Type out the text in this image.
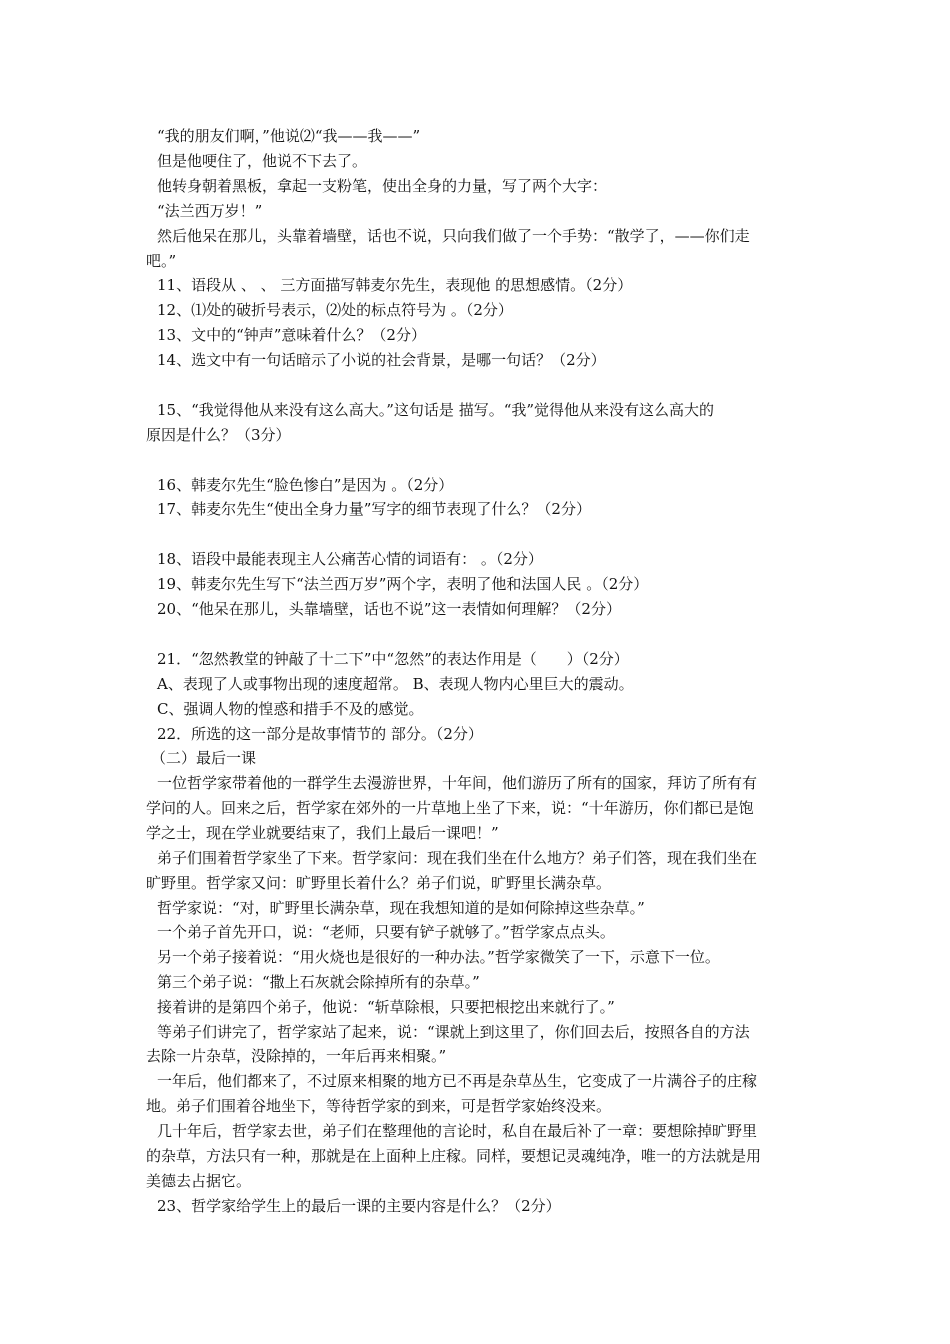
“我的朋友们啊，”他说⑵“我——我——”
但是他哽住了，他说不下去了。
他转身朝着黑板，拿起一支粉笔，使出全身的力量，写了两个大字：
“法兰西万岁！”
然后他呆在那儿，头靠着墙壁，话也不说，只向我们做了一个手势：“散学了，——你们走
吧。”
11、语段从 、 、 三方面描写韩麦尔先生，表现他 的思想感情。（2分）
12、⑴处的破折号表示，⑵处的标点符号为 。（2分）
13、文中的“钟声”意味着什么？（2分）
14、选文中有一句话暗示了小说的社会背景，是哪一句话？（2分）
15、“我觉得他从来没有这么高大。”这句话是 描写。“我”觉得他从来没有这么高大的
原因是什么？（3分）
16、韩麦尔先生“脸色惨白”是因为 。（2分）
17、韩麦尔先生“使出全身力量”写字的细节表现了什么？（2分）
18、语段中最能表现主人公痛苦心情的词语有： 。（2分）
19、韩麦尔先生写下“法兰西万岁”两个字，表明了他和法国人民 。（2分）
20、“他呆在那儿，头靠墙壁，话也不说”这一表情如何理解？（2分）
21．“忽然教堂的钟敲了十二下”中“忽然”的表达作用是（　　）（2分）
A、表现了人或事物出现的速度超常。 B、表现人物内心里巨大的震动。
C、强调人物的惶惑和措手不及的感觉。
22．所选的这一部分是故事情节的 部分。（2分）
（二）最后一课
一位哲学家带着他的一群学生去漫游世界，十年间，他们游历了所有的国家，拜访了所有有
学问的人。回来之后，哲学家在郊外的一片草地上坐了下来，说：“十年游历，你们都已是饱
学之士，现在学业就要结束了，我们上最后一课吧！”
弟子们围着哲学家坐了下来。哲学家问：现在我们坐在什么地方？弟子们答，现在我们坐在
旷野里。哲学家又问：旷野里长着什么？弟子们说，旷野里长满杂草。
哲学家说：“对，旷野里长满杂草，现在我想知道的是如何除掉这些杂草。”
一个弟子首先开口，说：“老师，只要有铲子就够了。”哲学家点点头。
另一个弟子接着说：“用火烧也是很好的一种办法。”哲学家微笑了一下，示意下一位。
第三个弟子说：“撒上石灰就会除掉所有的杂草。”
接着讲的是第四个弟子，他说：“斩草除根，只要把根挖出来就行了。”
等弟子们讲完了，哲学家站了起来，说：“课就上到这里了，你们回去后，按照各自的方法
去除一片杂草，没除掉的，一年后再来相聚。”
一年后，他们都来了，不过原来相聚的地方已不再是杂草丛生，它变成了一片满谷子的庄稼
地。弟子们围着谷地坐下，等待哲学家的到来，可是哲学家始终没来。
几十年后，哲学家去世，弟子们在整理他的言论时，私自在最后补了一章：要想除掉旷野里
的杂草，方法只有一种，那就是在上面种上庄稼。同样，要想记灵魂纯净，唯一的方法就是用
美德去占据它。
23、哲学家给学生上的最后一课的主要内容是什么？（2分）
